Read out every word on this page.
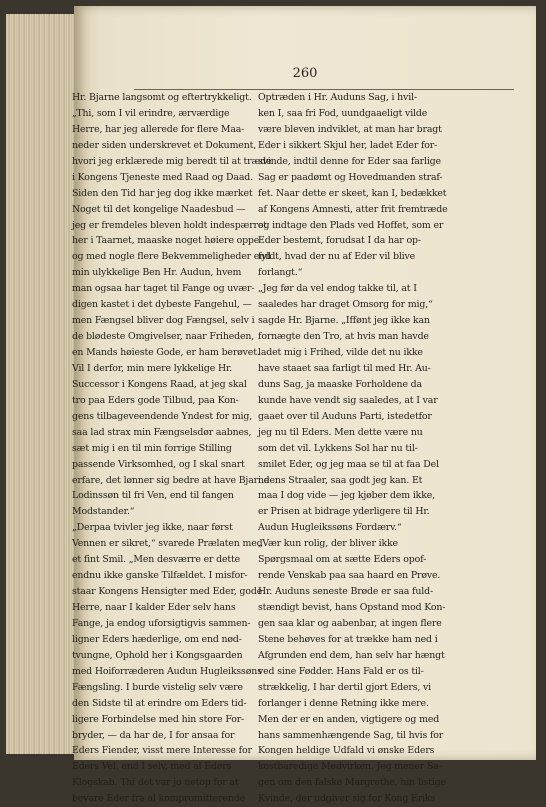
260
Hr. Bjarne langsomt og eftertrykkeligt.
„Thi, som I vil erindre, ærværdige
Herre, har jeg allerede for flere Maa-
neder siden underskrevet et Dokument,
hvori jeg erklærede mig beredt til at træde
i Kongens Tjeneste med Raad og Daad.
Siden den Tid har jeg dog ikke mærket
Noget til det kongelige Naadesbud —
jeg er fremdeles bleven holdt indespærret
her i Taarnet, maaske noget høiere oppe
og med nogle flere Bekvemmeligheder end
min ulykkelige Ben Hr. Audun, hvem
man ogsaa har taget til Fange og uvær-
digen kastet i det dybeste Fangehul, —
men Fængsel bliver dog Fængsel, selv i
de blødeste Omgivelser, naar Friheden,
en Mands høieste Gode, er ham berøvet.
Vil I derfor, min mere lykkelige Hr.
Successor i Kongens Raad, at jeg skal
tro paa Eders gode Tilbud, paa Kon-
gens tilbageveendende Yndest for mig,
saa lad strax min Fængselsdør aabnes,
sæt mig i en til min forrige Stilling
passende Virksomhed, og I skal snart
erfare, det lønner sig bedre at have Bjarne
Lodinssøn til fri Ven, end til fangen
Modstander.“
„Derpaa tvivler jeg ikke, naar først
Vennen er sikret,“ svarede Prælaten med
et fint Smil. „Men desværre er dette
endnu ikke ganske Tilfældet. I misfor-
staar Kongens Hensigter med Eder, gode
Herre, naar I kalder Eder selv hans
Fange, ja endog uforsigtigvis sammen-
ligner Eders hæderlige, om end nød-
tvungne, Ophold her i Kongsgaarden
med Hoiforræderen Audun Hugleikssøns
Fængsling. I burde vistelig selv være
den Sidste til at erindre om Eders tid-
ligere Forbindelse med hin store For-
bryder, — da har de, I for ansaa for
Eders Fiender, visst mere Interesse for
Eders Vel, end I selv, med al Eders
Klogskab. Thi det var jo netop for at
bevare Eder fra al kompromitterende
Optræden i Hr. Auduns Sag, i hvil-
ken I, saa fri Fod, uundgaaeligt vilde
være bleven indviklet, at man har bragt
Eder i sikkert Skjul her, ladet Eder for-
svinde, indtil denne for Eder saa farlige
Sag er paadømt og Hovedmanden straf-
fet. Naar dette er skeet, kan I, bedækket
af Kongens Amnesti, atter frit fremtræde
og indtage den Plads ved Hoffet, som er
Eder bestemt, forudsat I da har op-
fyldt, hvad der nu af Eder vil blive
forlangt.“
„Jeg før da vel endog takke til, at I
saaledes har draget Omsorg for mig,“
sagde Hr. Bjarne. „Iffønt jeg ikke kan
fornægte den Tro, at hvis man havde
ladet mig i Frihed, vilde det nu ikke
have staaet saa farligt til med Hr. Au-
duns Sag, ja maaske Forholdene da
kunde have vendt sig saaledes, at I var
gaaet over til Auduns Parti, istedetfor
jeg nu til Eders. Men dette være nu
som det vil. Lykkens Sol har nu til-
smilet Eder, og jeg maa se til at faa Del
i dens Straaler, saa godt jeg kan. Et
maa I dog vide — jeg kjøber dem ikke,
er Prisen at bidrage yderligere til Hr.
Audun Hugleikssøns Fordærv.“
„Vær kun rolig, der bliver ikke
Spørgsmaal om at sætte Eders opof-
rende Venskab paa saa haard en Prøve.
Hr. Auduns seneste Brøde er saa fuld-
stændigt bevist, hans Opstand mod Kon-
gen saa klar og aabenbar, at ingen flere
Stene behøves for at trække ham ned i
Afgrunden end dem, han selv har hængt
ved sine Fødder. Hans Fald er os til-
strækkelig, I har dertil gjort Eders, vi
forlanger i denne Retning ikke mere.
Men der er en anden, vigtigere og med
hans sammenhængende Sag, til hvis for
Kongen heldige Udfald vi ønske Eders
kostbaredige Medvirken. Jeg mener Sa-
gen om den falske Margrethe, hin listige
Kvinde, der udgiver sig for Kong Eriks
